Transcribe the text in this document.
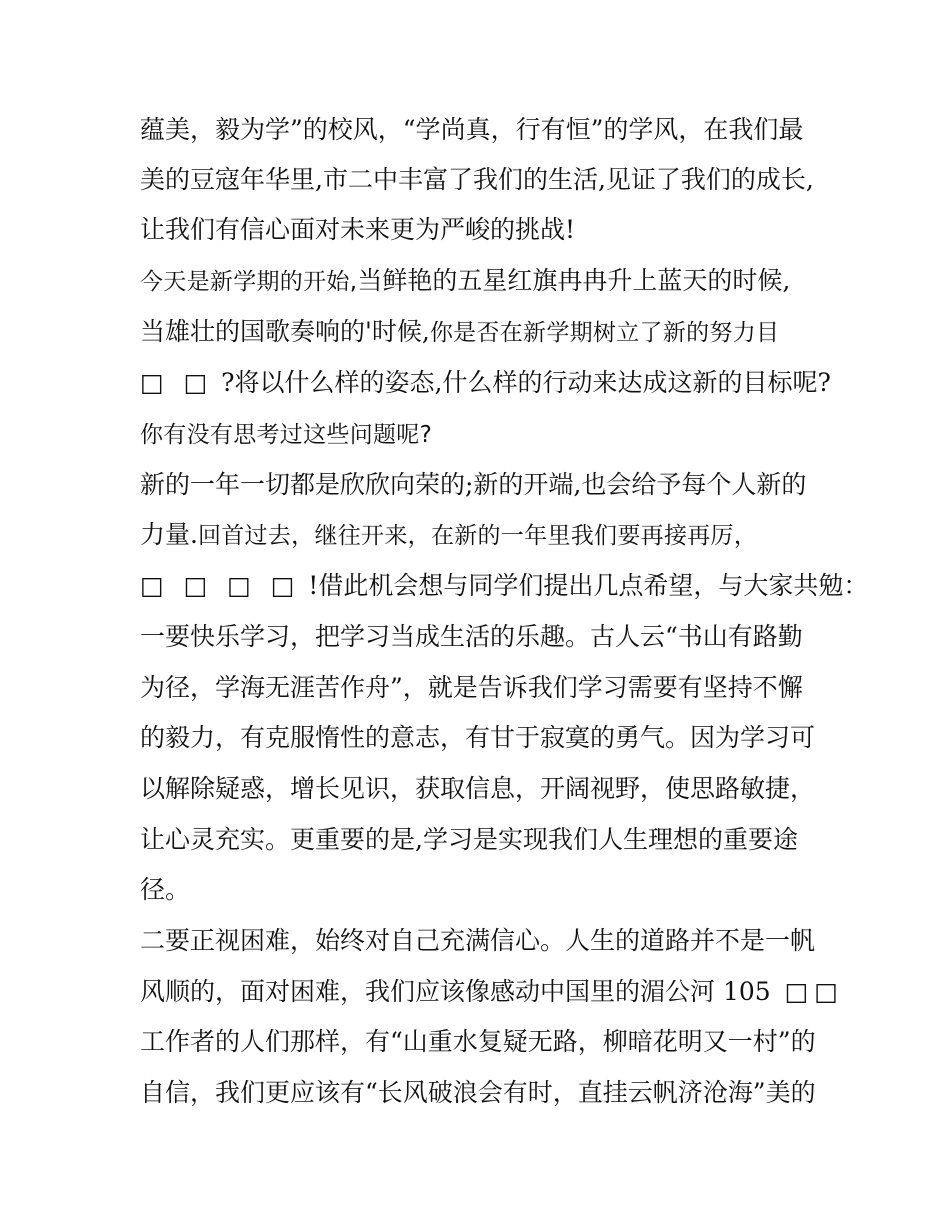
蕴美，毅为学”的校风，“学尚真，行有恒”的学风，在我们最
美的豆寇年华里,市二中丰富了我们的生活,见证了我们的成长,
让我们有信心面对未来更为严峻的挑战!
今天是新学期的开始,当鲜艳的五星红旗冉冉升上蓝天的时候,
当雄壮的国歌奏响的'时候,你是否在新学期树立了新的努力目
□ □ ?将以什么样的姿态,什么样的行动来达成这新的目标呢?
你有没有思考过这些问题呢?
新的一年一切都是欣欣向荣的;新的开端,也会给予每个人新的
力量.回首过去，继往开来，在新的一年里我们要再接再厉，
□ □ □ □ !借此机会想与同学们提出几点希望，与大家共勉：
一要快乐学习，把学习当成生活的乐趣。古人云“书山有路勤
为径，学海无涯苦作舟”，就是告诉我们学习需要有坚持不懈
的毅力，有克服惰性的意志，有甘于寂寞的勇气。因为学习可
以解除疑惑，增长见识，获取信息，开阔视野，使思路敏捷，
让心灵充实。更重要的是,学习是实现我们人生理想的重要途
径。
二要正视困难，始终对自己充满信心。人生的道路并不是一帆
风顺的，面对困难，我们应该像感动中国里的湄公河 105 □□
工作者的人们那样，有“山重水复疑无路，柳暗花明又一村”的
自信，我们更应该有“长风破浪会有时，直挂云帆济沧海”美的
